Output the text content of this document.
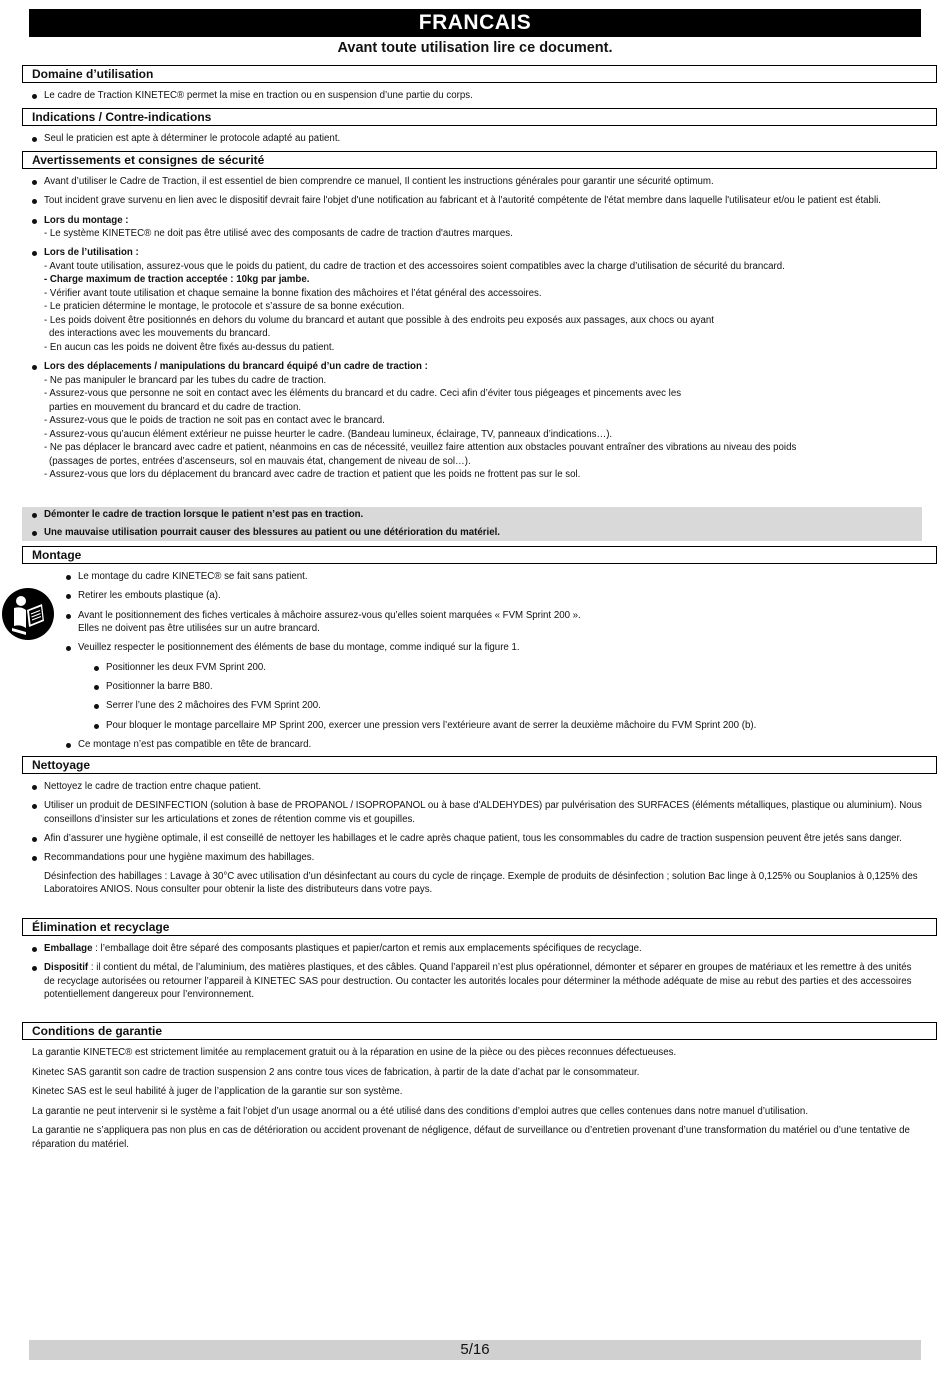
FRANCAIS
Avant toute utilisation lire ce document.
Domaine d’utilisation
Le cadre de Traction KINETEC® permet la mise en traction ou en suspension d’une partie du corps.
Indications / Contre-indications
Seul le praticien est apte à déterminer le protocole adapté au patient.
Avertissements et consignes de sécurité
Avant d’utiliser le Cadre de Traction, il est essentiel de bien comprendre ce manuel, Il contient les instructions générales pour garantir une sécurité optimum.
Tout incident grave survenu en lien avec le dispositif devrait faire l'objet d'une notification au fabricant et à l'autorité compétente de l'état membre dans laquelle l'utilisateur et/ou le patient est établi.
Lors du montage :
- Le système KINETEC® ne doit pas être utilisé avec des composants de cadre de traction d'autres marques.
Lors de l’utilisation :
- Avant toute utilisation, assurez-vous que le poids du patient, du cadre de traction et des accessoires soient compatibles avec la charge d’utilisation de sécurité du brancard.
- Charge maximum de traction acceptée : 10kg par jambe.
- Vérifier avant toute utilisation et chaque semaine la bonne fixation des mâchoires et l’état général des accessoires.
- Le praticien détermine le montage, le protocole et s’assure de sa bonne exécution.
- Les poids doivent être positionnés en dehors du volume du brancard et autant que possible à des endroits peu exposés aux passages, aux chocs ou ayant
des interactions avec les mouvements du brancard.
- En aucun cas les poids ne doivent être fixés au-dessus du patient.
Lors des déplacements / manipulations du brancard équipé d’un cadre de traction :
- Ne pas manipuler le brancard par les tubes du cadre de traction.
- Assurez-vous que personne ne soit en contact avec les éléments du brancard et du cadre. Ceci afin d’éviter tous piégeages et pincements avec les
parties en mouvement du brancard et du cadre de traction.
- Assurez-vous que le poids de traction ne soit pas en contact avec le brancard.
- Assurez-vous qu’aucun élément extérieur ne puisse heurter le cadre. (Bandeau lumineux, éclairage, TV, panneaux d’indications…).
- Ne pas déplacer le brancard avec cadre et patient, néanmoins en cas de nécessité, veuillez faire attention aux obstacles pouvant entraîner des vibrations au niveau des poids
(passages de portes, entrées d’ascenseurs, sol en mauvais état, changement de niveau de sol…).
- Assurez-vous que lors du déplacement du brancard avec cadre de traction et patient que les poids ne frottent pas sur le sol.
Démonter le cadre de traction lorsque le patient n’est pas en traction.
Une mauvaise utilisation pourrait causer des blessures au patient ou une détérioration du matériel.
Montage
Le montage du cadre KINETEC® se fait sans patient.
Retirer les embouts plastique (a).
Avant le positionnement des fiches verticales à mâchoire assurez-vous qu’elles soient marquées « FVM Sprint 200 ».
Elles ne doivent pas être utilisées sur un autre brancard.
Veuillez respecter le positionnement des éléments de base du montage, comme indiqué sur la figure 1.
Positionner les deux FVM Sprint 200.
Positionner la barre B80.
Serrer l’une des 2 mâchoires des FVM Sprint 200.
Pour bloquer le montage parcellaire MP Sprint 200, exercer une pression vers l’extérieure avant de serrer la deuxième mâchoire du FVM Sprint 200 (b).
Ce montage n’est pas compatible en tête de brancard.
Nettoyage
Nettoyez le cadre de traction entre chaque patient.
Utiliser un produit de DESINFECTION (solution à base de PROPANOL / ISOPROPANOL ou à base d'ALDEHYDES) par pulvérisation des SURFACES (éléments métalliques, plastique ou aluminium). Nous conseillons d’insister sur les articulations et zones de rétention comme vis et goupilles.
Afin d’assurer une hygiène optimale, il est conseillé de nettoyer les habillages et le cadre après chaque patient, tous les consommables du cadre de traction suspension peuvent être jetés sans danger.
Recommandations pour une hygiène maximum des habillages.
Désinfection des habillages : Lavage à 30°C avec utilisation d’un désinfectant au cours du cycle de rinçage. Exemple de produits de désinfection ; solution Bac linge à 0,125% ou Souplanios à 0,125% des Laboratoires ANIOS. Nous consulter pour obtenir la liste des distributeurs dans votre pays.
Élimination et recyclage
Emballage : l’emballage doit être séparé des composants plastiques et papier/carton et remis aux emplacements spécifiques de recyclage.
Dispositif : il contient du métal, de l’aluminium, des matières plastiques, et des câbles. Quand l’appareil n’est plus opérationnel, démonter et séparer en groupes de matériaux et les remettre à des unités de recyclage autorisées ou retourner l’appareil à KINETEC SAS pour destruction. Ou contacter les autorités locales pour déterminer la méthode adéquate de mise au rebut des parties et des accessoires potentiellement dangereux pour l’environnement.
Conditions de garantie

La garantie KINETEC® est strictement limitée au remplacement gratuit ou à la réparation en usine de la pièce ou des pièces reconnues défectueuses.

Kinetec SAS garantit son cadre de traction suspension 2 ans contre tous vices de fabrication, à partir de la date d’achat par le consommateur.

Kinetec SAS est le seul habilité à juger de l’application de la garantie sur son système.

La garantie ne peut intervenir si le système a fait l’objet d’un usage anormal ou a été utilisé dans des conditions d’emploi autres que celles contenues dans notre manuel d’utilisation.

La garantie ne s’appliquera pas non plus en cas de détérioration ou accident provenant de négligence, défaut de surveillance ou d’entretien provenant d’une transformation du matériel ou d’une tentative de réparation du matériel.

5/16
